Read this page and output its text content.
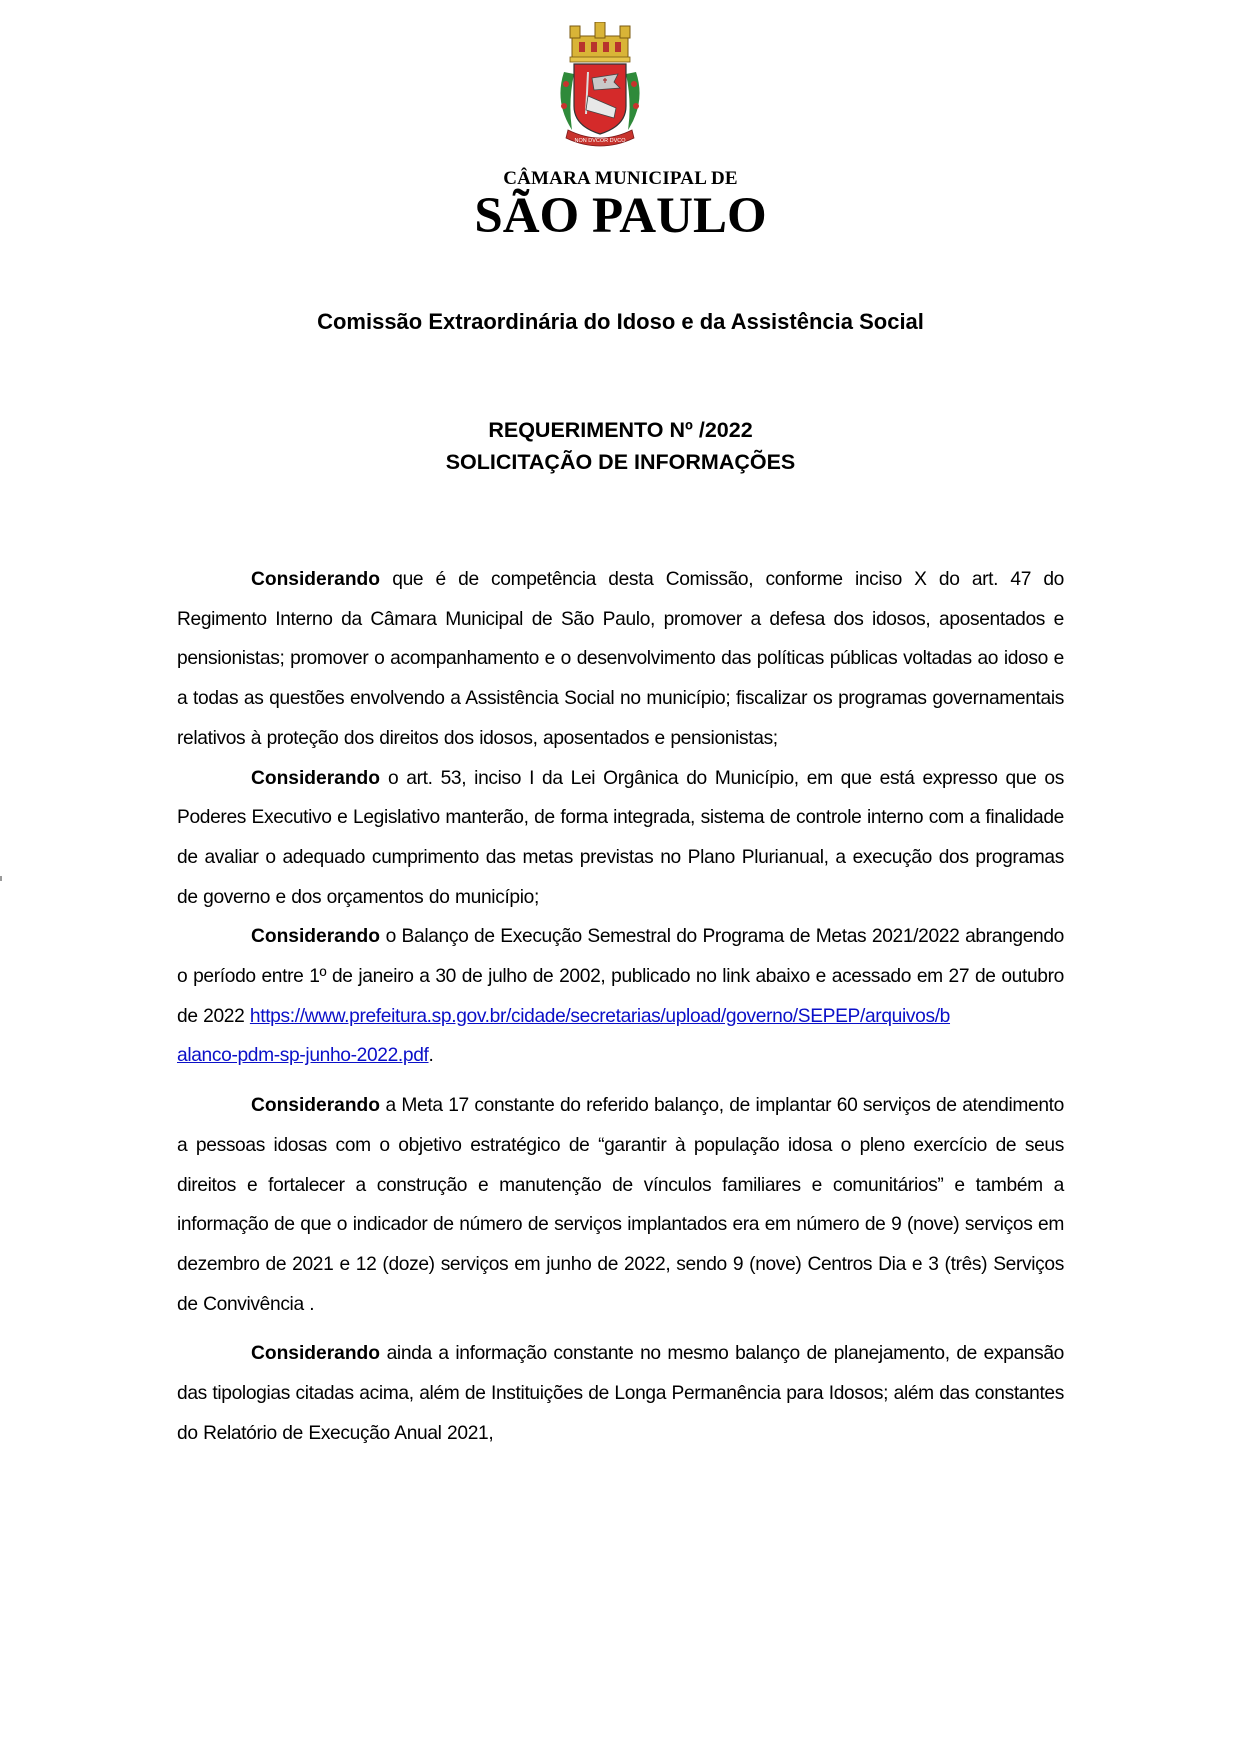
NON DVCOR DVCO
CÂMARA MUNICIPAL DE
SÃO PAULO
Comissão Extraordinária do Idoso e da Assistência Social
REQUERIMENTO Nº /2022
SOLICITAÇÃO DE INFORMAÇÕES

Considerando que é de competência desta Comissão, conforme inciso X do art. 47 do Regimento Interno da Câmara Municipal de São Paulo, promover a defesa dos idosos, aposentados e pensionistas; promover o acompanhamento e o desenvolvimento das políticas públicas voltadas ao idoso e a todas as questões envolvendo a Assistência Social no município; fiscalizar os programas governamentais relativos à proteção dos direitos dos idosos, aposentados e pensionistas;

Considerando o art. 53, inciso I da Lei Orgânica do Município, em que está expresso que os Poderes Executivo e Legislativo manterão, de forma integrada, sistema de controle interno com a finalidade de avaliar o adequado cumprimento das metas previstas no Plano Plurianual, a execução dos programas de governo e dos orçamentos do município;

Considerando o Balanço de Execução Semestral do Programa de Metas 2021/2022 abrangendo o período entre 1º de janeiro a 30 de julho de 2002, publicado no link abaixo e acessado em 27 de outubro de 2022 https://www.prefeitura.sp.gov.br/cidade/secretarias/upload/governo/SEPEP/arquivos/b
alanco-pdm-sp-junho-2022.pdf.

Considerando a Meta 17 constante do referido balanço, de implantar 60 serviços de atendimento a pessoas idosas com o objetivo estratégico de “garantir à população idosa o pleno exercício de seus direitos e fortalecer a construção e manutenção de vínculos familiares e comunitários” e também a informação de que o indicador de número de serviços implantados era em número de 9 (nove) serviços em dezembro de 2021 e 12 (doze) serviços em junho de 2022, sendo 9 (nove) Centros Dia e 3 (três) Serviços de Convivência .

Considerando ainda a informação constante no mesmo balanço de planejamento, de expansão das tipologias citadas acima, além de Instituições de Longa Permanência para Idosos; além das constantes do Relatório de Execução Anual 2021,
